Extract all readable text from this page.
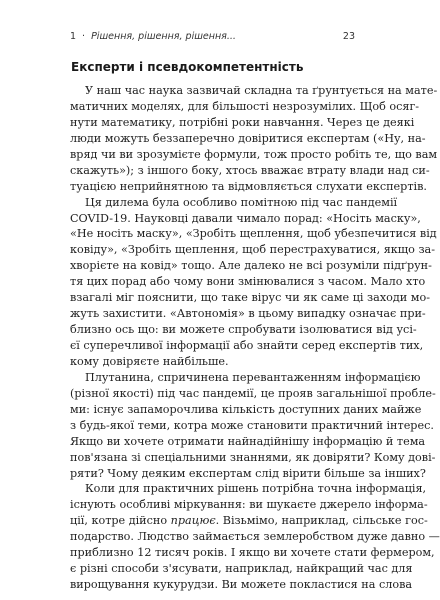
1 · Рішення, рішення, рішення...	23
Експерти і псевдокомпетентність
У наш час наука зазвичай складна та ґрунтується на мате-
матичних моделях, для більшості незрозумілих. Щоб осяг-
нути математику, потрібні роки навчання. Через це деякі
люди можуть беззаперечно довіритися експертам («Ну, на-
вряд чи ви зрозумієте формули, тож просто робіть те, що вам
скажуть»); з іншого боку, хтось вважає втрату влади над си-
туацією неприйнятною та відмовляється слухати експертів.
Ця дилема була особливо помітною під час пандемії
COVID-19. Науковці давали чимало порад: «Носіть маску»,
«Не носіть маску», «Зробіть щеплення, щоб убезпечитися від
ковіду», «Зробіть щеплення, щоб перестрахуватися, якщо за-
хворієте на ковід» тощо. Але далеко не всі розуміли підґрун-
тя цих порад або чому вони змінювалися з часом. Мало хто
взагалі міг пояснити, що таке вірус чи як саме ці заходи мо-
жуть захистити. «Автономія» в цьому випадку означає при-
близно ось що: ви можете спробувати ізолюватися від усі-
єї суперечливої інформації або знайти серед експертів тих,
кому довіряєте найбільше.
Плутанина, спричинена перевантаженням інформацією
(різної якості) під час пандемії, це прояв загальнішої пробле-
ми: існує запаморочлива кількість доступних даних майже
з будь-якої теми, котра може становити практичний інтерес.
Якщо ви хочете отримати найнадійнішу інформацію й тема
пов'язана зі спеціальними знаннями, як довіряти? Кому дові-
ряти? Чому деяким експертам слід вірити більше за інших?
Коли для практичних рішень потрібна точна інформація,
існують особливі міркування: ви шукаєте джерело інформа-
ції, котре дійсно працює. Візьмімо, наприклад, сільське гос-
подарство. Людство займається землеробством дуже давно —
приблизно 12 тисяч років. І якщо ви хочете стати фермером,
є різні способи з'ясувати, наприклад, найкращий час для
вирощування кукурудзи. Ви можете покластися на слова
